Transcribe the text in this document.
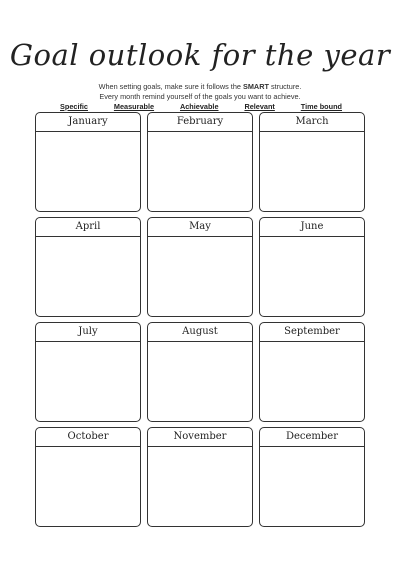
Goal outlook for the year

When setting goals, make sure it follows the SMART structure.

Every month remind yourself of the goals you want to achieve.

Specific	Measurable	Achievable	Relevant	Time bound
January	February	March
April	May	June
July	August	September
October	November	December
